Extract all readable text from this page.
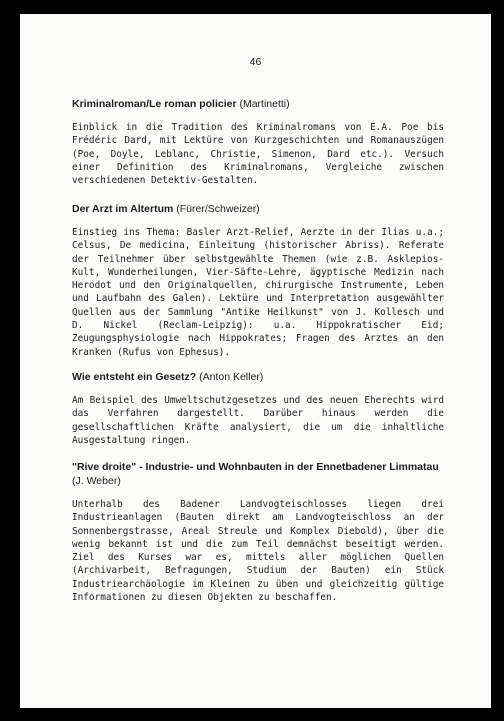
46

Kriminalroman/Le roman policier (Martinetti)

Einblick in die Tradition des Kriminalromans von E.A. Poe bis Frédéric Dard, mit Lektüre von Kurzgeschichten und Romanauszügen (Poe, Doyle, Leblanc, Christie, Simenon, Dard etc.). Versuch einer Definition des Kriminalromans, Vergleiche zwischen verschiedenen Detektiv-Gestalten.

Der Arzt im Altertum (Fürer/Schweizer)

Einstieg ins Thema: Basler Arzt-Relief, Aerzte in der Ilias u.a.; Celsus, De medicina, Einleitung (historischer Abriss). Referate der Teilnehmer über selbstgewählte Themen (wie z.B. Asklepios-Kult, Wunderheilungen, Vier-Säfte-Lehre, ägyptische Medizin nach Herodot und den Originalquellen, chirurgische Instrumente, Leben und Laufbahn des Galen). Lektüre und Interpretation ausgewählter Quellen aus der Sammlung "Antike Heilkunst" von J. Kollesch und D. Nickel (Reclam-Leipzig): u.a. Hippokratischer Eid; Zeugungsphysiologie nach Hippokrates; Fragen des Arztes an den Kranken (Rufus von Ephesus).

Wie entsteht ein Gesetz? (Anton Keller)

Am Beispiel des Umweltschutzgesetzes und des neuen Eherechts wird das Verfahren dargestellt. Darüber hinaus werden die gesellschaftlichen Kräfte analysiert, die um die inhaltliche Ausgestaltung ringen.

"Rive droite" - Industrie- und Wohnbauten in der Ennetbadener Limmatau (J. Weber)

Unterhalb des Badener Landvogteischlosses liegen drei Industrieanlagen (Bauten direkt am Landvogteischloss an der Sonnenbergstrasse, Areal Streule und Komplex Diebold), über die wenig bekannt ist und die zum Teil demnächst beseitigt werden. Ziel des Kurses war es, mittels aller möglichen Quellen (Archivarbeit, Befragungen, Studium der Bauten) ein Stück Industriearchäologie im Kleinen zu üben und gleichzeitig gültige Informationen zu diesen Objekten zu beschaffen.
